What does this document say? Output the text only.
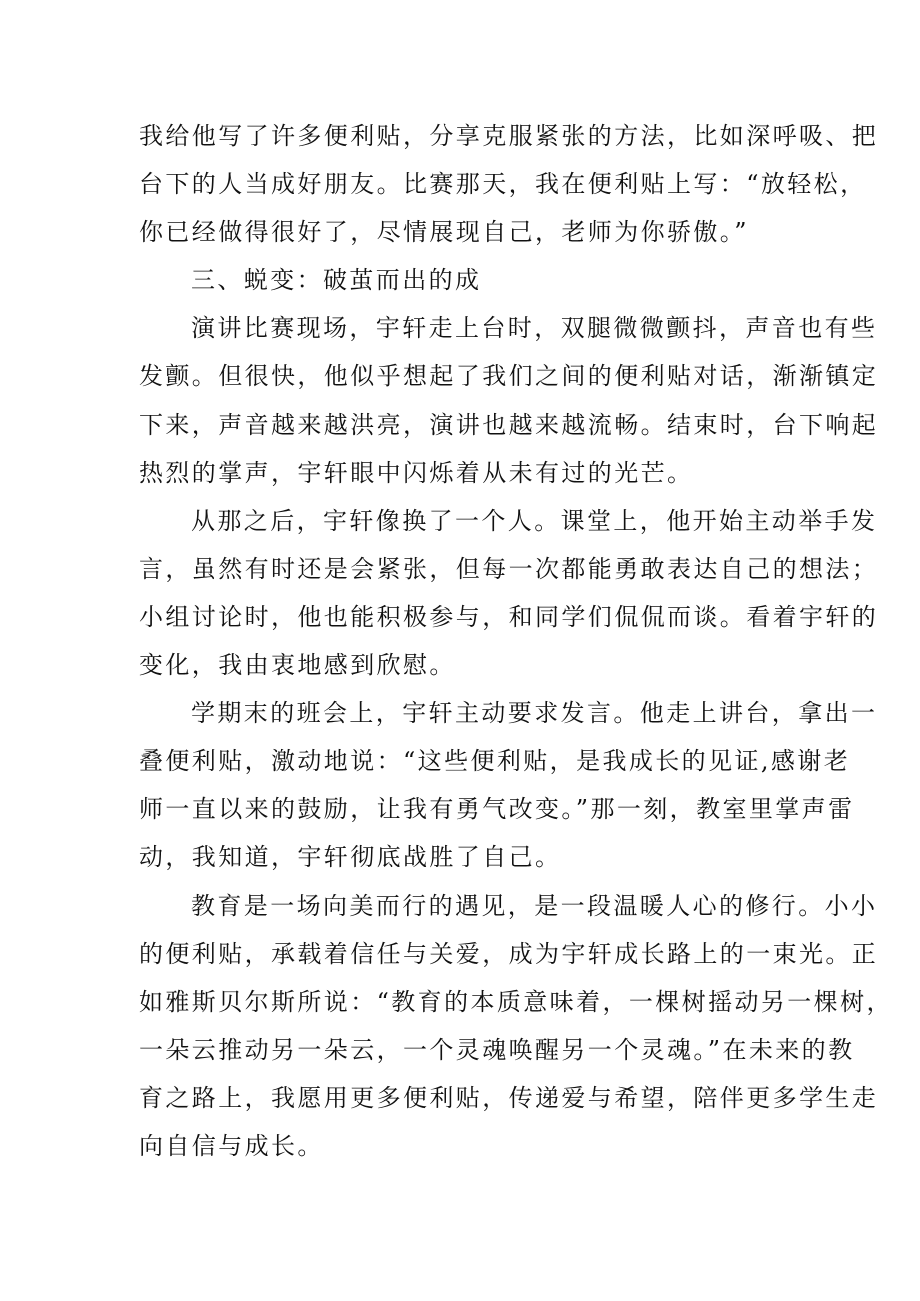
我给他写了许多便利贴，分享克服紧张的方法，比如深呼吸、把
台下的人当成好朋友。比赛那天，我在便利贴上写：“放轻松，
你已经做得很好了，尽情展现自己，老师为你骄傲。”
三、蜕变：破茧而出的成
演讲比赛现场，宇轩走上台时，双腿微微颤抖，声音也有些
发颤。但很快，他似乎想起了我们之间的便利贴对话，渐渐镇定
下来，声音越来越洪亮，演讲也越来越流畅。结束时，台下响起
热烈的掌声，宇轩眼中闪烁着从未有过的光芒。
从那之后，宇轩像换了一个人。课堂上，他开始主动举手发
言，虽然有时还是会紧张，但每一次都能勇敢表达自己的想法；
小组讨论时，他也能积极参与，和同学们侃侃而谈。看着宇轩的
变化，我由衷地感到欣慰。
学期末的班会上，宇轩主动要求发言。他走上讲台，拿出一
叠便利贴，激动地说：“这些便利贴，是我成长的见证,感谢老
师一直以来的鼓励，让我有勇气改变。”那一刻，教室里掌声雷
动，我知道，宇轩彻底战胜了自己。
教育是一场向美而行的遇见，是一段温暖人心的修行。小小
的便利贴，承载着信任与关爱，成为宇轩成长路上的一束光。正
如雅斯贝尔斯所说：“教育的本质意味着，一棵树摇动另一棵树，
一朵云推动另一朵云，一个灵魂唤醒另一个灵魂。”在未来的教
育之路上，我愿用更多便利贴，传递爱与希望，陪伴更多学生走
向自信与成长。
